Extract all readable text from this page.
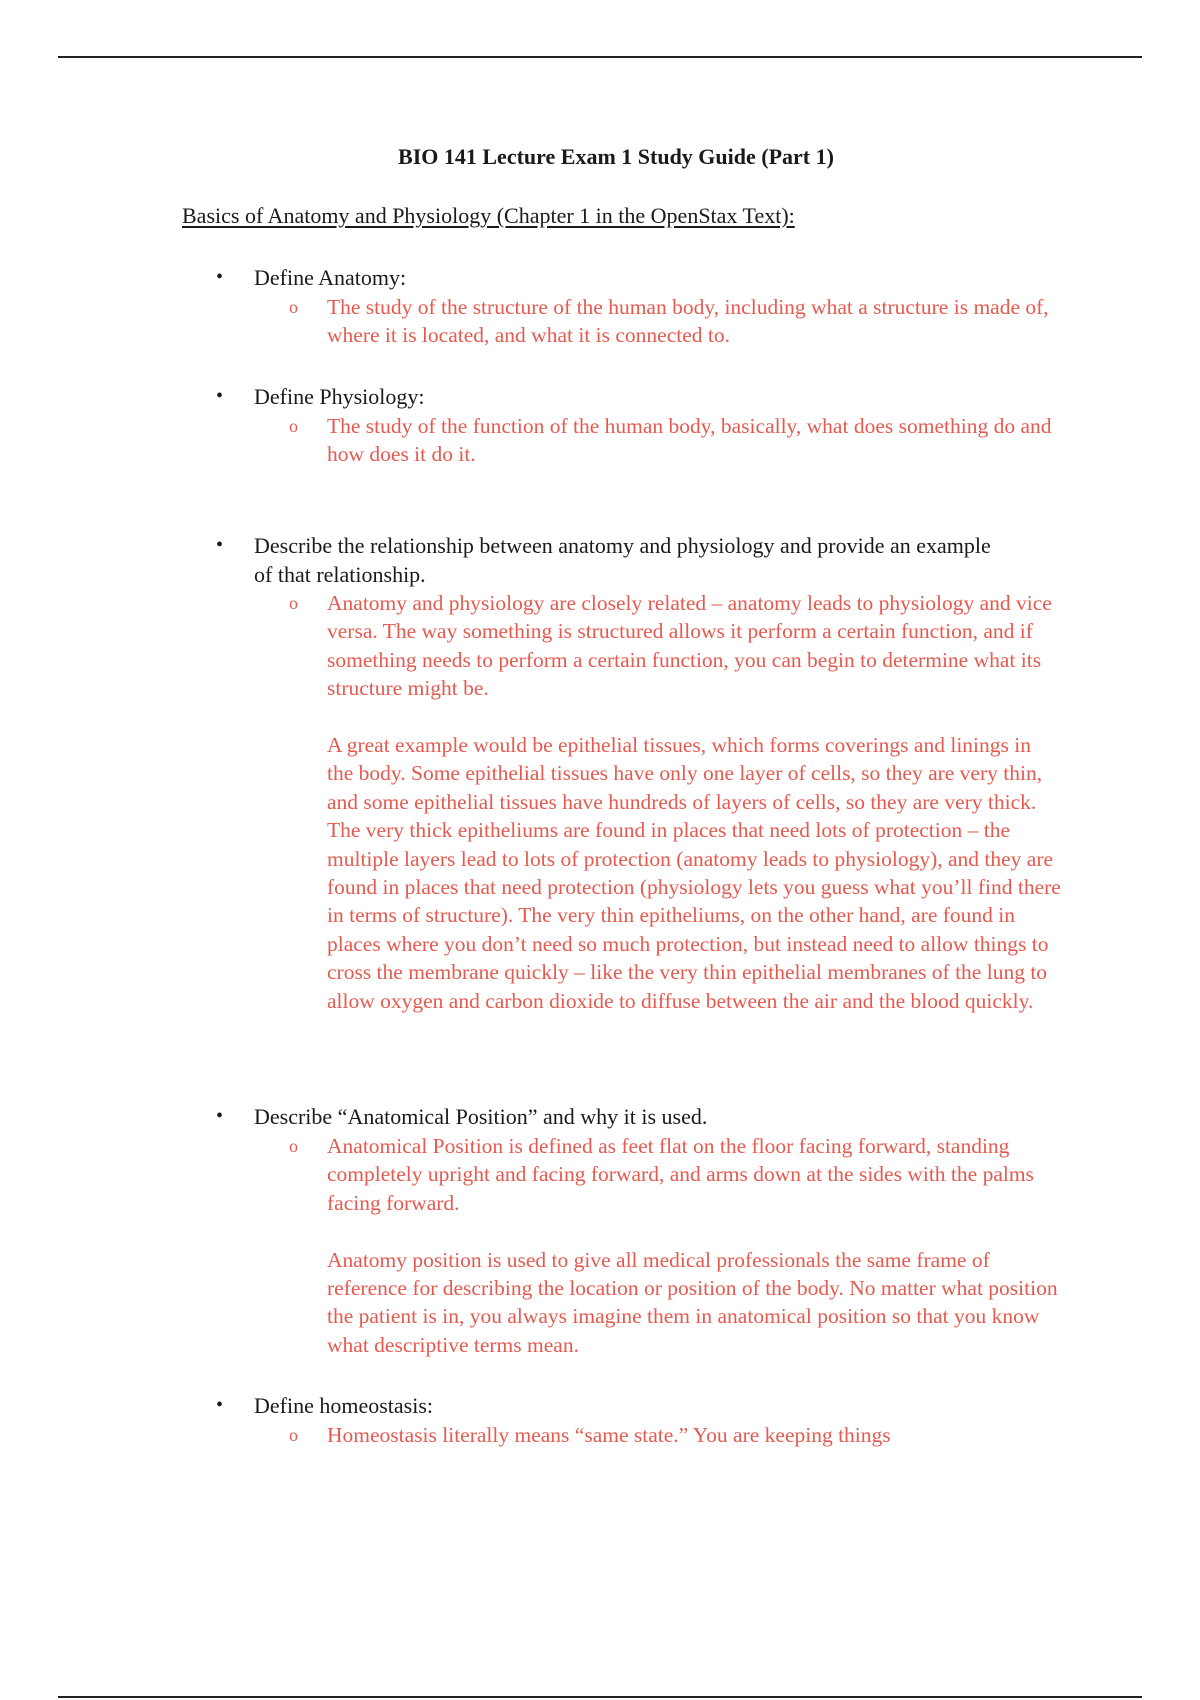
BIO 141 Lecture Exam 1 Study Guide (Part 1)
Basics of Anatomy and Physiology (Chapter 1 in the OpenStax Text):
• Define Anatomy:
o The study of the structure of the human body, including what a structure is made of, where it is located, and what it is connected to.

• Define Physiology:
o The study of the function of the human body, basically, what does something do and how does it do it.

• Describe the relationship between anatomy and physiology and provide an example of that relationship.
o Anatomy and physiology are closely related – anatomy leads to physiology and vice versa. The way something is structured allows it perform a certain function, and if something needs to perform a certain function, you can begin to determine what its structure might be.

A great example would be epithelial tissues, which forms coverings and linings in the body. Some epithelial tissues have only one layer of cells, so they are very thin, and some epithelial tissues have hundreds of layers of cells, so they are very thick. The very thick epitheliums are found in places that need lots of protection – the multiple layers lead to lots of protection (anatomy leads to physiology), and they are found in places that need protection (physiology lets you guess what you’ll find there in terms of structure). The very thin epitheliums, on the other hand, are found in places where you don’t need so much protection, but instead need to allow things to cross the membrane quickly – like the very thin epithelial membranes of the lung to allow oxygen and carbon dioxide to diffuse between the air and the blood quickly.

• Describe “Anatomical Position” and why it is used.
o Anatomical Position is defined as feet flat on the floor facing forward, standing completely upright and facing forward, and arms down at the sides with the palms facing forward.

Anatomy position is used to give all medical professionals the same frame of reference for describing the location or position of the body. No matter what position the patient is in, you always imagine them in anatomical position so that you know what descriptive terms mean.

• Define homeostasis:
o Homeostasis literally means “same state.” You are keeping things
